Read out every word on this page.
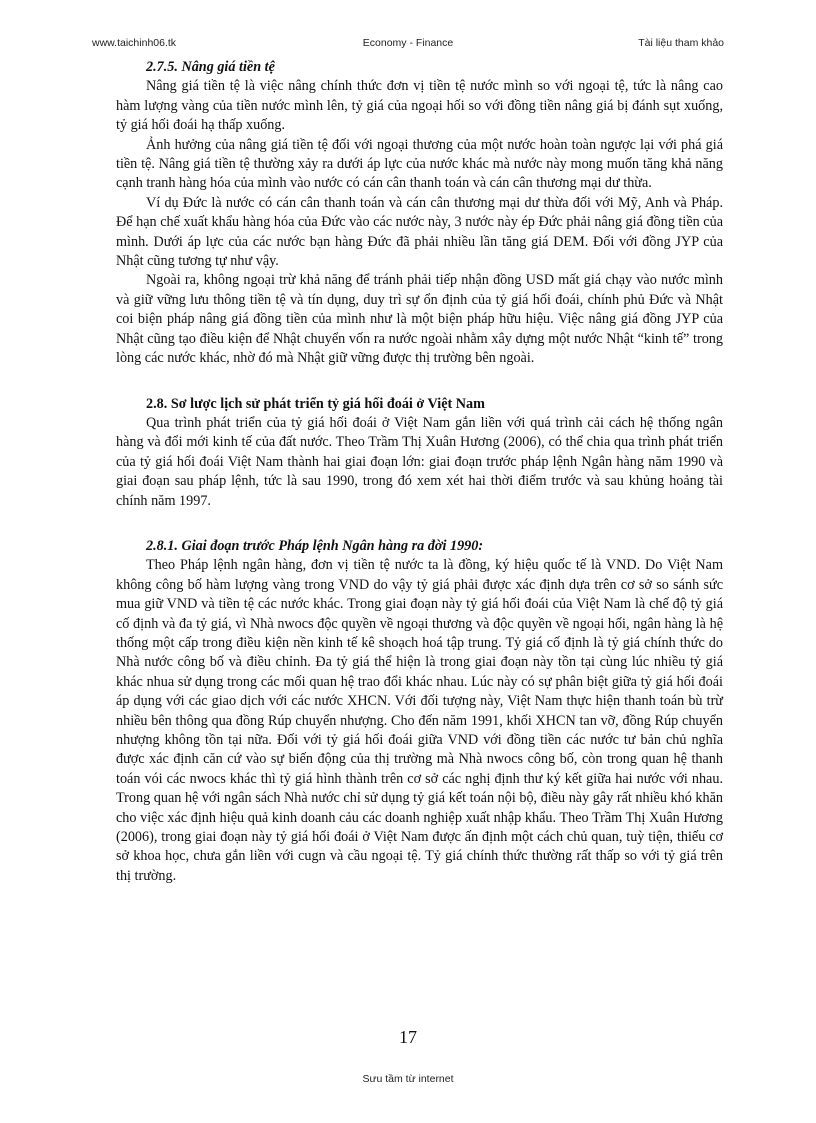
www.taichinh06.tk	Economy - Finance	Tài liệu tham khảo
2.7.5. Nâng giá tiền tệ

Nâng giá tiền tệ là việc nâng chính thức đơn vị tiền tệ nước mình so với ngoại tệ, tức là nâng cao hàm lượng vàng của tiền nước mình lên, tỷ giá của ngoại hối so với đồng tiền nâng giá bị đánh sụt xuống, tỷ giá hối đoái hạ thấp xuống.

Ảnh hưởng của nâng giá tiền tệ đối với ngoại thương của một nước hoàn toàn ngược lại với phá giá tiền tệ. Nâng giá tiền tệ thường xảy ra dưới áp lực của nước khác mà nước này mong muốn tăng khả năng cạnh tranh hàng hóa của mình vào nước có cán cân thanh toán và cán cân thương mại dư thừa.

Ví dụ Đức là nước có cán cân thanh toán và cán cân thương mại dư thừa đối với Mỹ, Anh và Pháp. Để hạn chế xuất khẩu hàng hóa của Đức vào các nước này, 3 nước này ép Đức phải nâng giá đồng tiền của mình. Dưới áp lực của các nước bạn hàng Đức đã phải nhiều lần tăng giá DEM. Đối với đồng JYP của Nhật cũng tương tự như vậy.

Ngoài ra, không ngoại trừ khả năng để tránh phải tiếp nhận đồng USD mất giá chạy vào nước mình và giữ vững lưu thông tiền tệ và tín dụng, duy trì sự ổn định của tỷ giá hối đoái, chính phủ Đức và Nhật coi biện pháp nâng giá đồng tiền của mình như là một biện pháp hữu hiệu. Việc nâng giá đồng JYP của Nhật cũng tạo điều kiện để Nhật chuyển vốn ra nước ngoài nhằm xây dựng một nước Nhật “kinh tế” trong lòng các nước khác, nhờ đó mà Nhật giữ vững được thị trường bên ngoài.

2.8. Sơ lược lịch sử phát triển tỷ giá hối đoái ở Việt Nam

Qua trình phát triển của tỷ giá hối đoái ở Việt Nam gắn liền với quá trình cải cách hệ thống ngân hàng và đổi mới kinh tế của đất nước. Theo Trầm Thị Xuân Hương (2006), có thể chia qua trình phát triển của tỷ giá hối đoái Việt Nam thành hai giai đoạn lớn: giai đoạn trước pháp lệnh Ngân hàng năm 1990 và giai đoạn sau pháp lệnh, tức là sau 1990, trong đó xem xét hai thời điểm trước và sau khủng hoảng tài chính năm 1997.

2.8.1. Giai đoạn trước Pháp lệnh Ngân hàng ra đời 1990:

Theo Pháp lệnh ngân hàng, đơn vị tiền tệ nước ta là đồng, ký hiệu quốc tế là VND. Do Việt Nam không công bố hàm lượng vàng trong VND do vậy tỷ giá phải được xác định dựa trên cơ sở so sánh sức mua giữ VND và tiền tệ các nước khác. Trong giai đoạn này tỷ giá hối đoái của Việt Nam là chế độ tỷ giá cố định và đa tỷ giá, vì Nhà nwocs độc quyền về ngoại thương và độc quyền về ngoại hối, ngân hàng là hệ thống một cấp trong điều kiện nền kinh tế kê shoạch hoá tập trung. Tỷ giá cố định là tỷ giá chính thức do Nhà nước công bố và điều chỉnh. Đa tỷ giá thể hiện là trong giai đoạn này tồn tại cùng lúc nhiều tỷ giá khác nhua sử dụng trong các mối quan hệ trao đổi khác nhau. Lúc này có sự phân biệt giữa tỷ giá hối đoái áp dụng với các giao dịch với các nước XHCN. Với đối tượng này, Việt Nam thực hiện thanh toán bù trừ nhiều bên thông qua đồng Rúp chuyển nhượng. Cho đến năm 1991, khối XHCN tan vỡ, đồng Rúp chuyển nhượng không tồn tại nữa. Đối với tỷ giá hối đoái giữa VND với đồng tiền các nước tư bản chủ nghĩa được xác định căn cứ vào sự biến động của thị trường mà Nhà nwocs công bố, còn trong quan hệ thanh toán vói các nwocs khác thì tỷ giá hình thành trên cơ sở các nghị định thư ký kết giữa hai nước với nhau. Trong quan hệ với ngân sách Nhà nước chỉ sử dụng tỷ giá kết toán nội bộ, điều này gây rất nhiều khó khăn cho việc xác định hiệu quả kinh doanh cảu các doanh nghiệp xuất nhập khẩu. Theo Trầm Thị Xuân Hương (2006), trong giai đoạn này tỷ giá hối đoái ở Việt Nam được ấn định một cách chủ quan, tuỳ tiện, thiếu cơ sở khoa học, chưa gắn liền với cugn và cầu ngoại tệ. Tỷ giá chính thức thường rất thấp so với tỷ giá trên thị trường.

17
Sưu tầm từ internet
